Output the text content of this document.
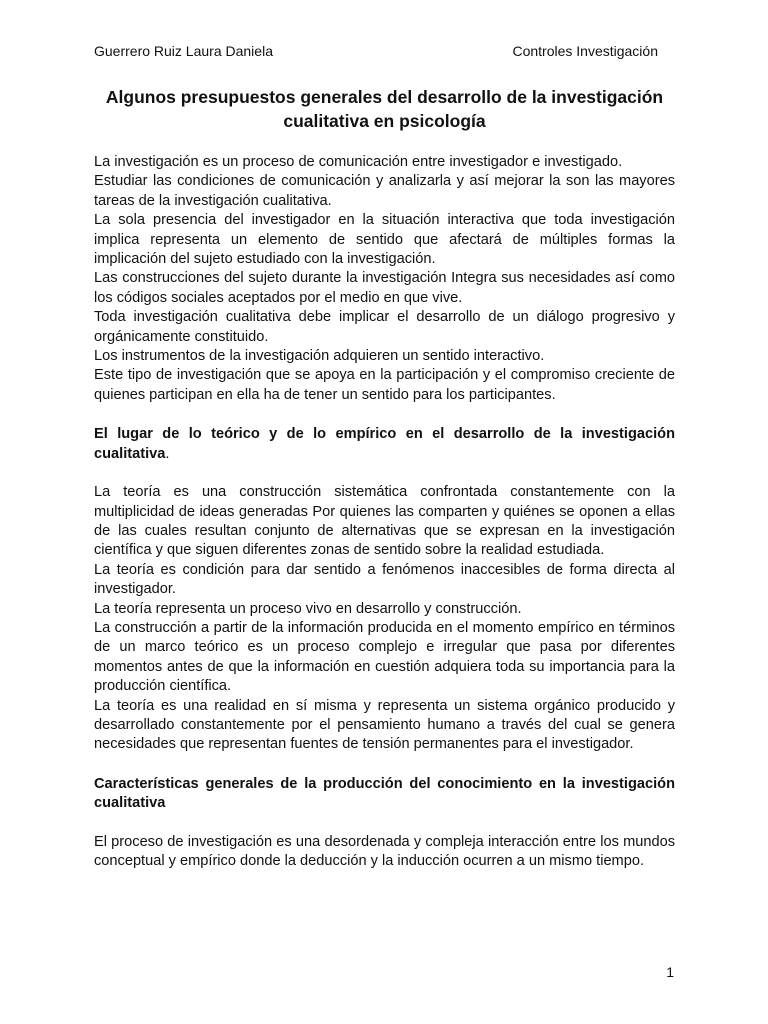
Guerrero Ruiz Laura Daniela	Controles Investigación
Algunos presupuestos generales del desarrollo de la investigación cualitativa en psicología

La investigación es un proceso de comunicación entre investigador e investigado.

Estudiar las condiciones de comunicación y analizarla y así mejorar la son las mayores tareas de la investigación cualitativa.

La sola presencia del investigador en la situación interactiva que toda investigación implica representa un elemento de sentido que afectará de múltiples formas la implicación del sujeto estudiado con la investigación.

Las construcciones del sujeto durante la investigación Integra sus necesidades así como los códigos sociales aceptados por el medio en que vive.

Toda investigación cualitativa debe implicar el desarrollo de un diálogo progresivo y orgánicamente constituido.

Los instrumentos de la investigación adquieren un sentido interactivo.

Este tipo de investigación que se apoya en la participación y el compromiso creciente de quienes participan en ella ha de tener un sentido para los participantes.

El lugar de lo teórico y de lo empírico en el desarrollo de la investigación cualitativa.

La teoría es una construcción sistemática confrontada constantemente con la multiplicidad de ideas generadas Por quienes las comparten y quiénes se oponen a ellas de las cuales resultan conjunto de alternativas que se expresan en la investigación científica y que siguen diferentes zonas de sentido sobre la realidad estudiada.

La teoría es condición para dar sentido a fenómenos inaccesibles de forma directa al investigador.

La teoría representa un proceso vivo en desarrollo y construcción.

La construcción a partir de la información producida en el momento empírico en términos de un marco teórico es un proceso complejo e irregular que pasa por diferentes momentos antes de que la información en cuestión adquiera toda su importancia para la producción científica.

La teoría es una realidad en sí misma y representa un sistema orgánico producido y desarrollado constantemente por el pensamiento humano a través del cual se genera necesidades que representan fuentes de tensión permanentes para el investigador.

Características generales de la producción del conocimiento en la investigación cualitativa

El proceso de investigación es una desordenada y compleja interacción entre los mundos conceptual y empírico donde la deducción y la inducción ocurren a un mismo tiempo.

1
